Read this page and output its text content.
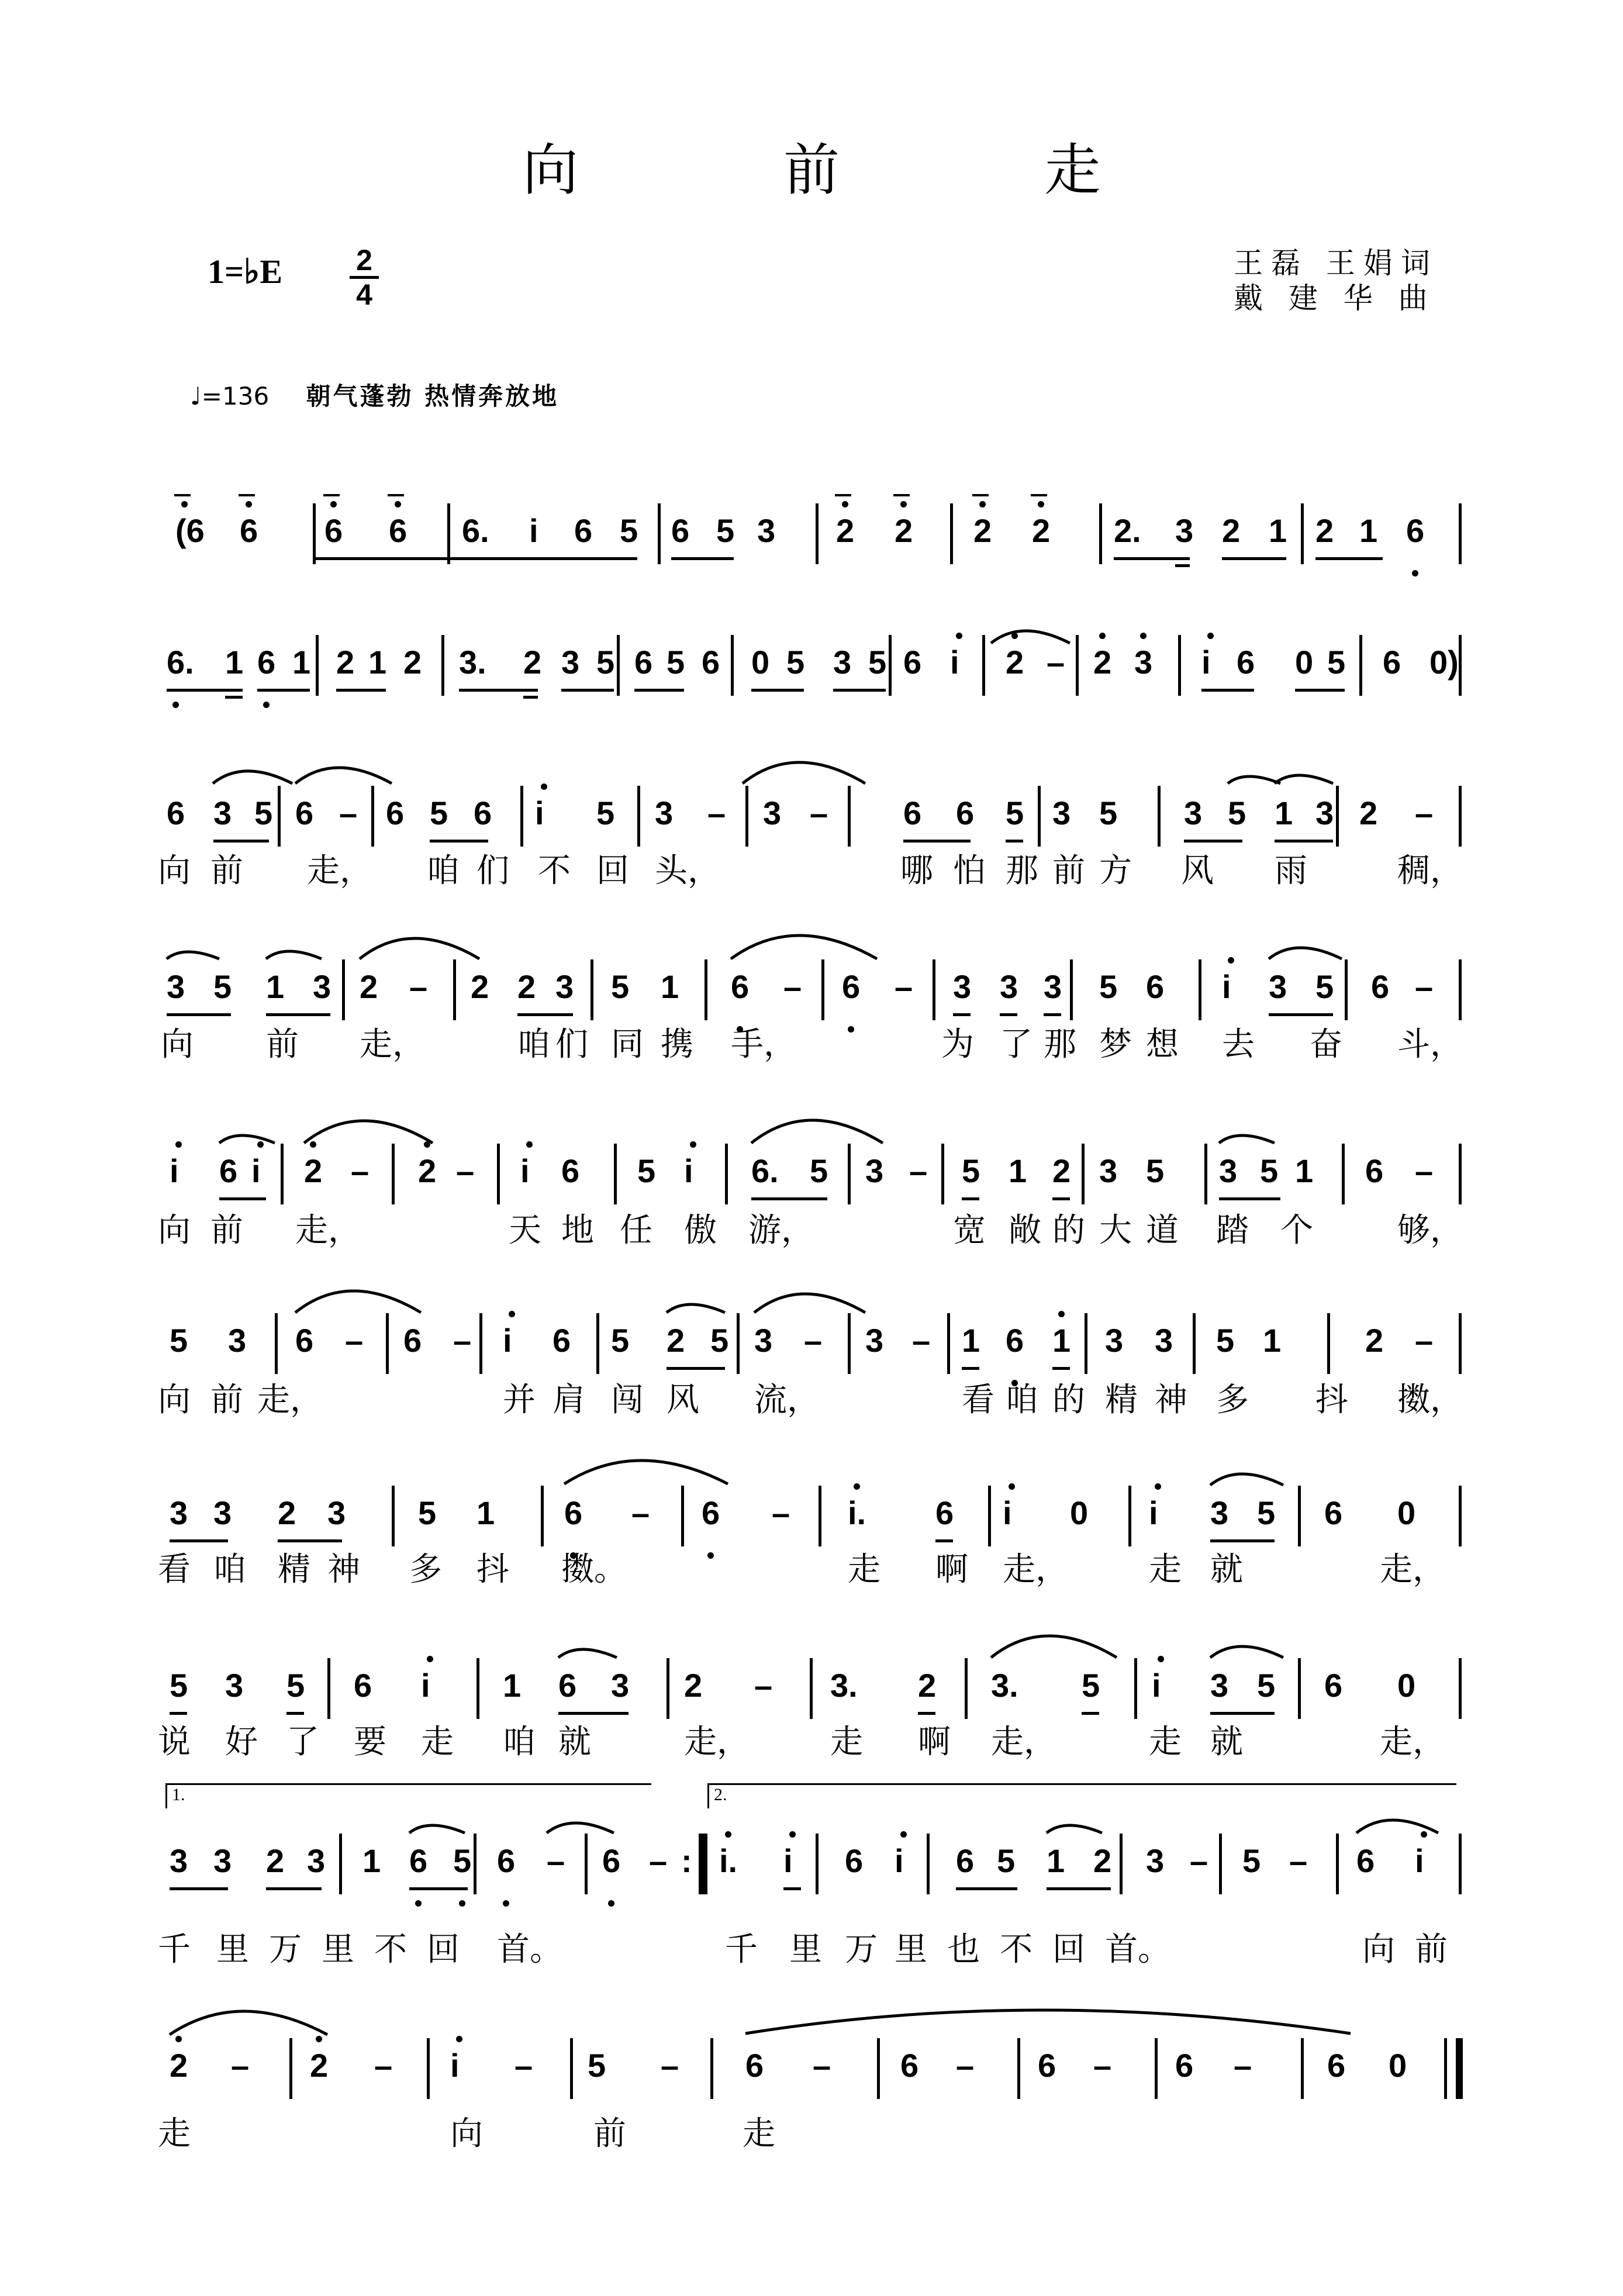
向 前 走
1=♭E	2
4
王磊 王娟词
戴 建 华 曲
♩=136 朝气蓬勃 热情奔放地
(6 6 6 6 6. i 6 5 6 5 3 2 2 2 2 2. 3 2 1 2 1 6
6. 1 6 1 2 1 2 3. 2 3 5 6 5 6 0 5 3 5 6 i 2 – 2 3 i 6 0 5 6 0)
6 3 5 6 – 6 5 6 i 5 3 – 3 – 6 6 5 3 5 3 5 1 3 2 –
3 5 1 3 2 – 2 2 3 5 1 6 – 6 – 3 3 3 5 6 i 3 5 6 –
i 6 i 2 – 2 – i 6 5 i 6. 5 3 – 5 1 2 3 5 3 5 1 6 –
5 3 6 – 6 – i 6 5 2 5 3 – 3 – 1 6 1 3 3 5 1	2 –
3 3 2 3 5 1 6 – 6 – i. 6 i 0 i 3 5 6 0
5 3 5 6 i 1 6 3 2 – 3. 2 3. 5 i 3 5 6 0
3 3 2 3 1 6 5 6 – 6 – : i. i 6 i 6 5 1 2 3 – 5 – 6 i
2 – 2 – i – 5 – 6 – 6 – 6 – 6 – 6 0
1.	2.
向 前 走， 咱 们 不 回 头，	哪 怕 那 前 方 风 雨	稠，
向 前 走，	咱 们 同 携 手，	为 了 那 梦 想 去 奋 斗，
向 前 走，	天 地 任 傲 游，	宽 敞 的 大 道 踏 个	够，
向 前 走，	并 肩 闯 风 流，	看 咱 的 精 神 多 抖 擞，
看 咱 精 神 多 抖 擞。	走 啊 走， 走 就	走，
说 好 了 要 走 咱 就	走， 走 啊 走，	走 就	走，
千 里 万 里 不 回 首。	千 里 万 里 也 不 回 首。	向 前
走	向	前	走
